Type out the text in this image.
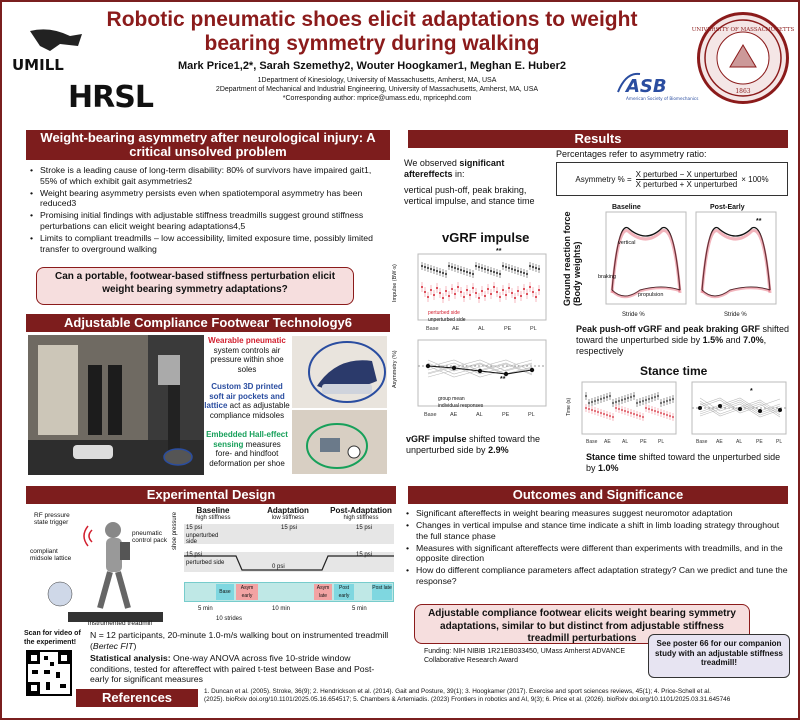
UMILL
HRSL
Robotic pneumatic shoes elicit adaptations to weight bearing symmetry during walking
Mark Price1,2*, Sarah Szemethy2, Wouter Hoogkamer1, Meghan E. Huber2
1Department of Kinesiology, University of Massachusetts, Amherst, MA, USA
2Department of Mechanical and Industrial Engineering, University of Massachusetts, Amherst, MA, USA
*Corresponding author: mprice@umass.edu, mpricephd.com
ASB
American Society of Biomechanics
UNIVERSITY OF MASSACHUSETTS
1863
Weight-bearing asymmetry after neurological injury: A critical unsolved problem
• Stroke is a leading cause of long-term disability: 80% of survivors have impaired gait1, 55% of which exhibit gait asymmetries2
• Weight bearing asymmetry persists even when spatiotemporal asymmetry has been reduced3
• Promising initial findings with adjustable stiffness treadmills suggest ground stiffness perturbations can elicit weight bearing adaptations4,5
• Limits to compliant treadmills – low accessibility, limited exposure time, possibly limited transfer to overground walking
Can a portable, footwear-based stiffness perturbation elicit weight bearing symmetry adaptations?
Adjustable Compliance Footwear Technology6
Wearable pneumatic system controls air pressure within shoe soles
Custom 3D printed soft air pockets and lattice act as adjustable compliance midsoles
Embedded Hall-effect sensing measures fore- and hindfoot deformation per shoe
Experimental Design
RF pressure state trigger
pneumatic control pack
compliant midsole lattice
instrumented treadmill
Baseline
high stiffness
Adaptation
low stiffness
Post-Adaptation
high stiffness
shoe pressure 15 psi	15 psi	15 psi
unperturbed side
15 psi
perturbed side
0 psi
15 psi
Base
Asym early
Asym late
Post early
Post late
5 min	10 min	5 min
10 strides
Scan for video of the experiment!
N = 12 participants, 20-minute 1.0-m/s walking bout on instrumented treadmill (Bertec FIT)
Statistical analysis: One-way ANOVA across five 10-stride window conditions, tested for aftereffect with paired t-test between Base and Post-early for significant measures
References	1. Duncan et al. (2005). Stroke, 36(9); 2. Hendrickson et al. (2014). Gait and Posture, 39(1); 3. Hoogkamer (2017). Exercise and sport sciences reviews, 45(1); 4. Price-Schell et al.
(2025). bioRxiv doi.org/10.1101/2025.05.16.654517; 5. Chambers & Artemiadis. (2023) Frontiers in robotics and AI, 9(3); 6. Price et al. (2026). bioRxiv doi.org/10.1101/2025.03.31.645746
Results
We observed significant aftereffects in:
vertical push-off, peak braking, vertical impulse, and stance time
Percentages refer to asymmetry ratio:
Asymmetry % =
X perturbed − X unperturbed
X perturbed + X unperturbed
× 100%
vGRF impulse
Impulse (BW·s)
Base AE	AL	PE	PL
perturbed side
unperturbed side
**
Asymmetry (%)
Base AE	AL	PE	PL
group mean
individual responses
**
vGRF impulse shifted toward the unperturbed side by 2.9%
Ground reaction force (Body weights)
Baseline	Post-Early
vertical
braking
propulsion
**
Stride %	Stride %
Peak push-off vGRF and peak braking GRF shifted toward the unperturbed side by 1.5% and 7.0%, respectively
Stance time
Time (s)
Base	Base
AE	AE
AL	AL
PE	PE
PL	PL
*
Stance time shifted toward the unperturbed side by 1.0%
Outcomes and Significance
• Significant aftereffects in weight bearing measures suggest neuromotor adaptation
• Changes in vertical impulse and stance time indicate a shift in limb loading strategy throughout the full stance phase
• Measures with significant aftereffects were different than experiments with treadmills, and in the opposite direction
• How do different compliance parameters affect adaptation strategy? Can we predict and tune the response?
Adjustable compliance footwear elicits weight bearing symmetry adaptations, similar to but distinct from adjustable stiffness treadmill perturbations
Funding: NIH NIBIB 1R21EB033450, UMass Amherst ADVANCE Collaborative Research Award
See poster 66 for our companion study with an adjustable stiffness treadmill!
